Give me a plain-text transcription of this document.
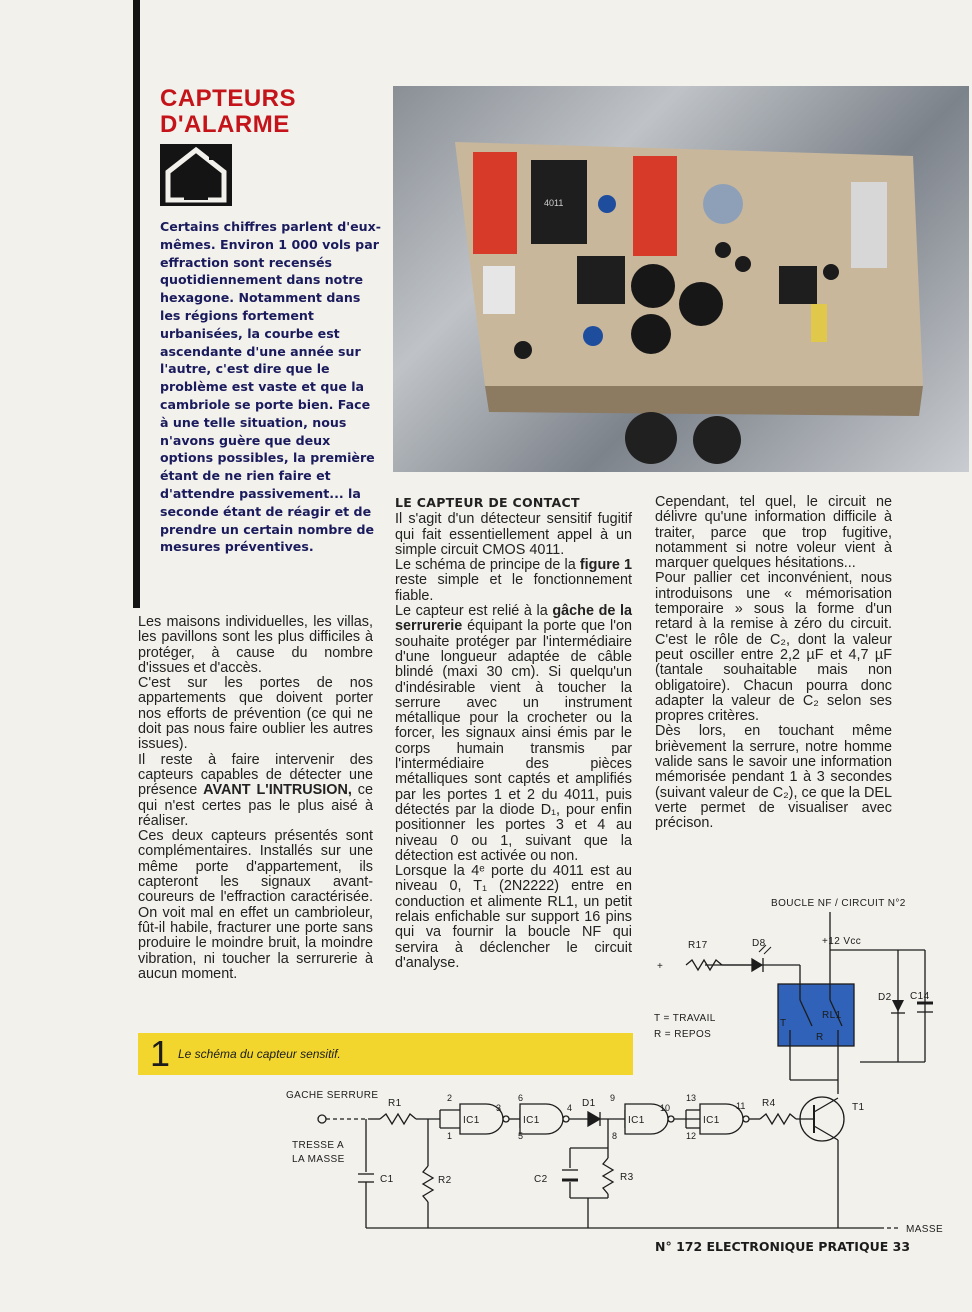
CAPTEURS
D'ALARME
Certains chiffres parlent d'eux-mêmes. Environ 1 000 vols par effraction sont recensés quotidiennement dans notre hexagone. Notamment dans les régions fortement urbanisées, la courbe est ascendante d'une année sur l'autre, c'est dire que le problème est vaste et que la cambriole se porte bien. Face à une telle situation, nous n'avons guère que deux options possibles, la première étant de ne rien faire et d'attendre passivement... la seconde étant de réagir et de prendre un certain nombre de mesures préventives.
4011

Les maisons individuelles, les villas, les pavillons sont les plus difficiles à protéger, à cause du nombre d'issues et d'accès.

C'est sur les portes de nos appartements que doivent porter nos efforts de prévention (ce qui ne doit pas nous faire oublier les autres issues).

Il reste à faire intervenir des capteurs capables de détecter une présence AVANT L'INTRUSION, ce qui n'est certes pas le plus aisé à réaliser.

Ces deux capteurs présentés sont complémentaires. Installés sur une même porte d'appartement, ils capteront les signaux avant-coureurs de l'effraction caractérisée. On voit mal en effet un cambrioleur, fût-il habile, fracturer une porte sans produire le moindre bruit, la moindre vibration, ni toucher la serrurerie à aucun moment.

LE CAPTEUR DE CONTACT

Il s'agit d'un détecteur sensitif fugitif qui fait essentiellement appel à un simple circuit CMOS 4011.

Le schéma de principe de la figure 1 reste simple et le fonctionnement fiable.

Le capteur est relié à la gâche de la serrurerie équipant la porte que l'on souhaite protéger par l'intermédiaire d'une longueur adaptée de câble blindé (maxi 30 cm). Si quelqu'un d'indésirable vient à toucher la serrure avec un instrument métallique pour la crocheter ou la forcer, les signaux ainsi émis par le corps humain transmis par l'intermédiaire des pièces métalliques sont captés et amplifiés par les portes 1 et 2 du 4011, puis détectés par la diode D₁, pour enfin positionner les portes 3 et 4 au niveau 0 ou 1, suivant que la détection est activée ou non.

Lorsque la 4ᵉ porte du 4011 est au niveau 0, T₁ (2N2222) entre en conduction et alimente RL1, un petit relais enfichable sur support 16 pins qui va fournir la boucle NF qui servira à déclencher le circuit d'analyse.

Cependant, tel quel, le circuit ne délivre qu'une information difficile à traiter, parce que trop fugitive, notamment si notre voleur vient à marquer quelques hésitations...

Pour pallier cet inconvénient, nous introduisons une « mémorisation temporaire » sous la forme d'un retard à la remise à zéro du circuit. C'est le rôle de C₂, dont la valeur peut osciller entre 2,2 µF et 4,7 µF (tantale souhaitable mais non obligatoire). Chacun pourra donc adapter la valeur de C₂ selon ses propres critères.

Dès lors, en touchant même brièvement la serrure, notre homme valide sans le savoir une information mémorisée pendant 1 à 3 secondes (suivant valeur de C₂), ce que la DEL verte permet de visualiser avec précison.

1 Le schéma du capteur sensitif.
BOUCLE NF / CIRCUIT N°2
+12 Vcc
R17	D8
+
D2 C14
T = TRAVAIL
R = REPOS
RL1
T
R
GACHE SERRURE
TRESSE A
LA MASSE
R1
R2
C1	C2	R3
D1	R4	T1
IC1	IC1	IC1	IC1
MASSE
2
1
3
6
5
4
9
8
10
13
12
11
N° 172 ELECTRONIQUE PRATIQUE 33
